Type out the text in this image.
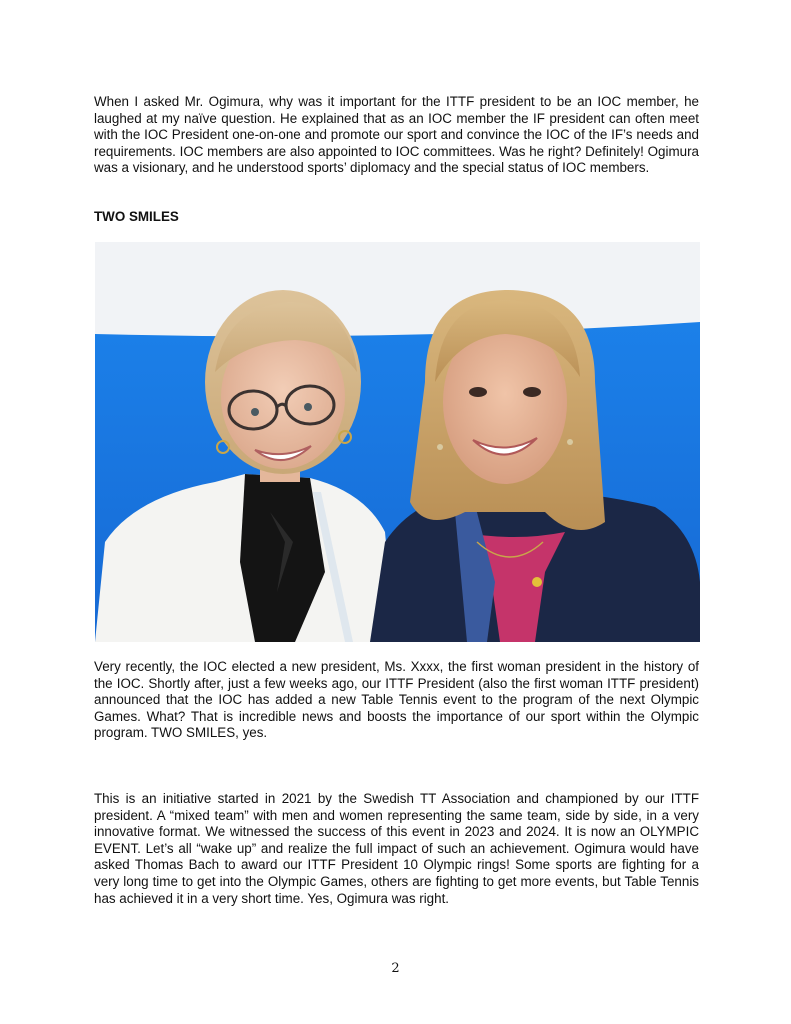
When I asked Mr. Ogimura, why was it important for the ITTF president to be an IOC member, he laughed at my naïve question. He explained that as an IOC member the IF president can often meet with the IOC President one-on-one and promote our sport and convince the IOC of the IF’s needs and requirements. IOC members are also appointed to IOC committees. Was he right? Definitely! Ogimura was a visionary, and he understood sports’ diplomacy and the special status of IOC members.

TWO SMILES

Very recently, the IOC elected a new president, Ms. Xxxx, the first woman president in the history of the IOC. Shortly after, just a few weeks ago, our ITTF President (also the first woman ITTF president) announced that the IOC has added a new Table Tennis event to the program of the next Olympic Games. What? That is incredible news and boosts the importance of our sport within the Olympic program. TWO SMILES, yes.

This is an initiative started in 2021 by the Swedish TT Association and championed by our ITTF president. A “mixed team” with men and women representing the same team, side by side, in a very innovative format. We witnessed the success of this event in 2023 and 2024. It is now an OLYMPIC EVENT. Let’s all “wake up” and realize the full impact of such an achievement. Ogimura would have asked Thomas Bach to award our ITTF President 10 Olympic rings! Some sports are fighting for a very long time to get into the Olympic Games, others are fighting to get more events, but Table Tennis has achieved it in a very short time. Yes, Ogimura was right.

2
